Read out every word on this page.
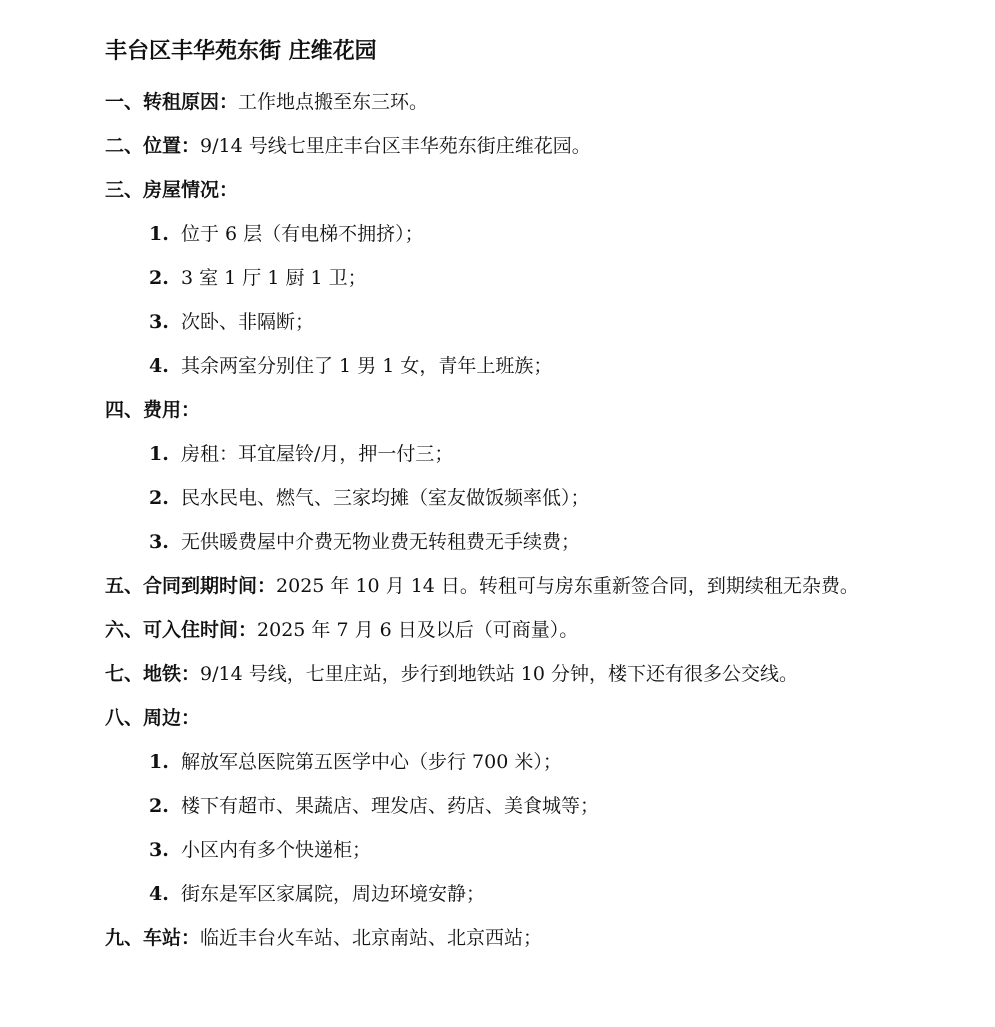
丰台区丰华苑东街 庄维花园
一、转租原因：工作地点搬至东三环。
二、位置：9/14 号线七里庄丰台区丰华苑东街庄维花园。
三、房屋情况：
1. 位于 6 层（有电梯不拥挤）；
2. 3 室 1 厅 1 厨 1 卫；
3. 次卧、非隔断；
4. 其余两室分别住了 1 男 1 女，青年上班族；
四、费用：
1. 房租：耳宜屋铃/月，押一付三；
2. 民水民电、燃气、三家均摊（室友做饭频率低）；
3. 无供暖费屋中介费无物业费无转租费无手续费；
五、合同到期时间：2025 年 10 月 14 日。转租可与房东重新签合同，到期续租无杂费。
六、可入住时间：2025 年 7 月 6 日及以后（可商量）。
七、地铁：9/14 号线，七里庄站，步行到地铁站 10 分钟，楼下还有很多公交线。
八、周边：
1. 解放军总医院第五医学中心（步行 700 米）；
2. 楼下有超市、果蔬店、理发店、药店、美食城等；
3. 小区内有多个快递柜；
4. 街东是军区家属院，周边环境安静；
九、车站：临近丰台火车站、北京南站、北京西站；
